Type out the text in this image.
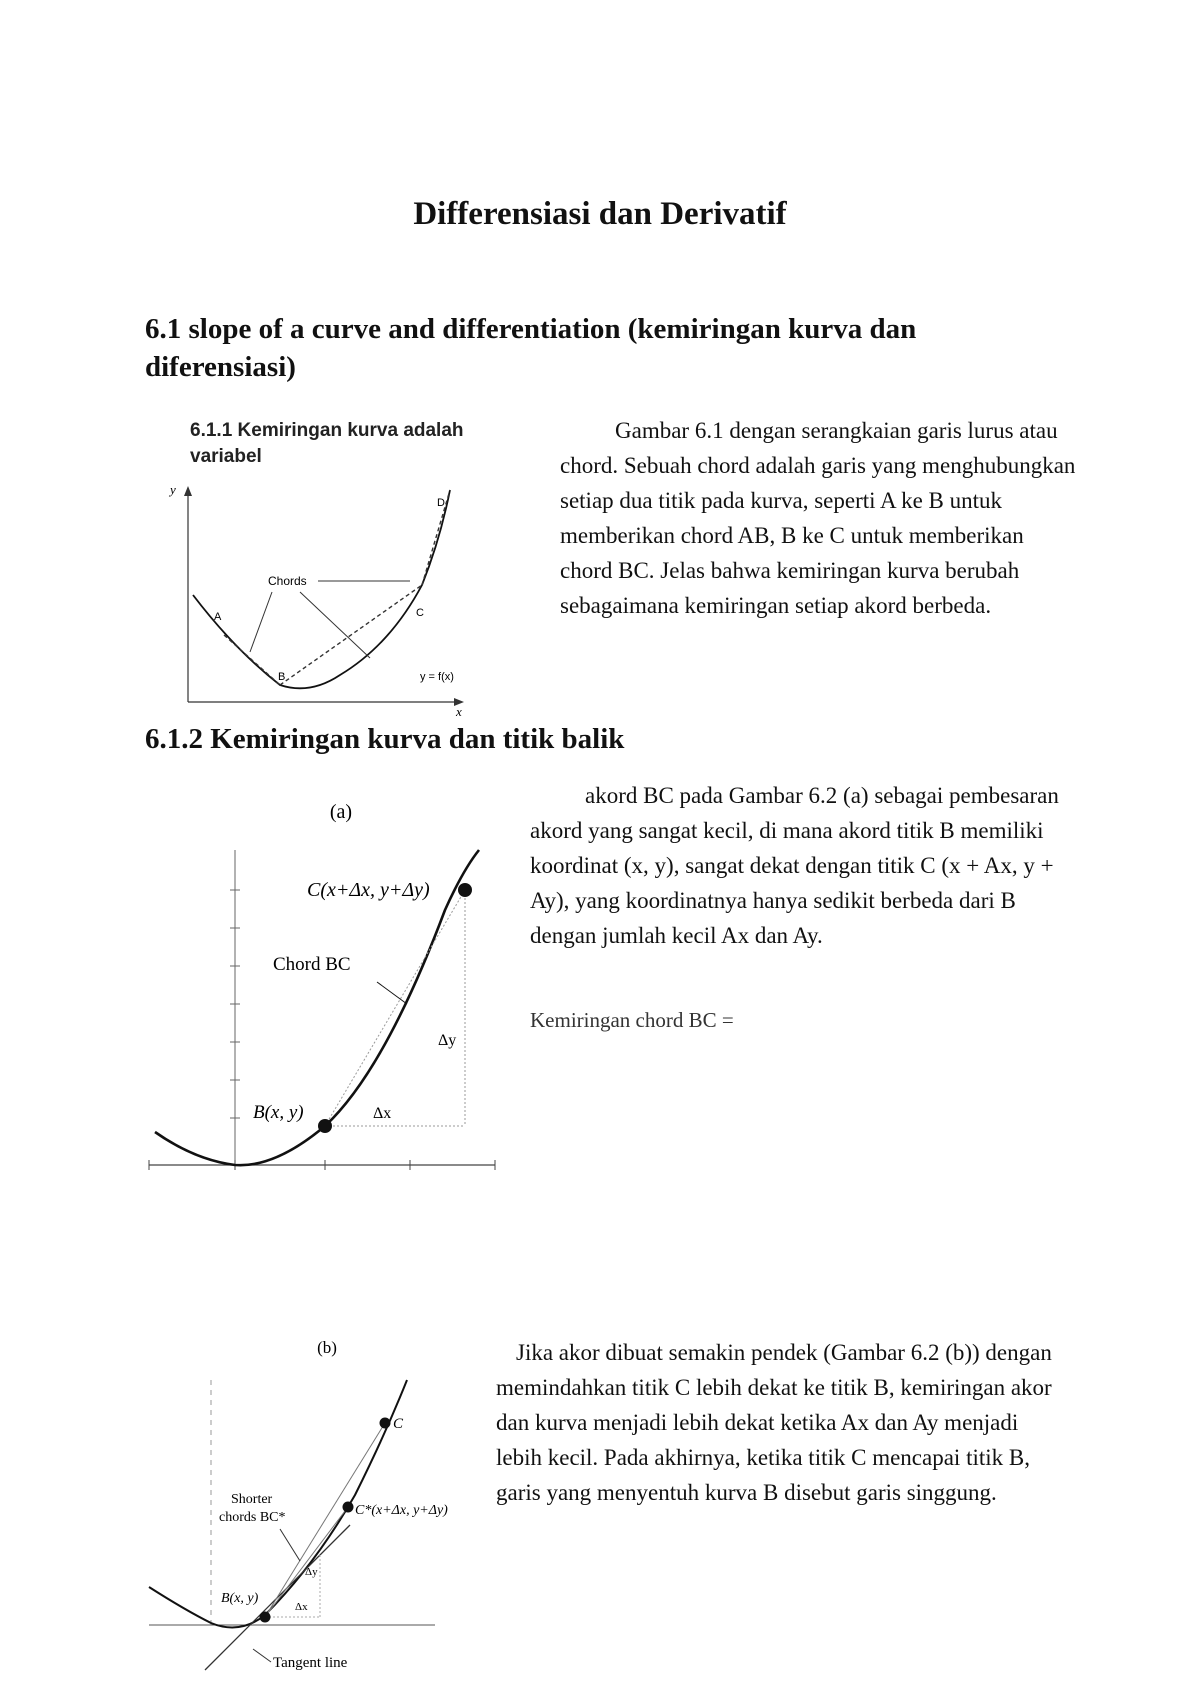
Differensiasi dan Derivatif
6.1 slope of a curve and differentiation (kemiringan kurva dan diferensiasi)
6.1.1 Kemiringan kurva adalah variabel
y
x
Chords
A
B
C
D
y = f(x)
Gambar 6.1 dengan serangkaian garis lurus atau chord. Sebuah chord adalah garis yang menghubungkan setiap dua titik pada kurva, seperti A ke B untuk memberikan chord AB, B ke C untuk memberikan chord BC. Jelas bahwa kemiringan kurva berubah sebagaimana kemiringan setiap akord berbeda.
6.1.2 Kemiringan kurva dan titik balik
(a)
C(x+Δx, y+Δy)
Chord BC
Δy
Δx
B(x, y)
akord BC pada Gambar 6.2 (a) sebagai pembesaran akord yang sangat kecil, di mana akord titik B memiliki koordinat (x, y), sangat dekat dengan titik C (x + Ax, y + Ay), yang koordinatnya hanya sedikit berbeda dari B dengan jumlah kecil Ax dan Ay.
Kemiringan chord BC =
(b)
C
Shorter
chords BC*	C*(x+Δx, y+Δy)
Δy
Δx
B(x, y)
Tangent line
Jika akor dibuat semakin pendek (Gambar 6.2 (b)) dengan memindahkan titik C lebih dekat ke titik B, kemiringan akor dan kurva menjadi lebih dekat ketika Ax dan Ay menjadi lebih kecil. Pada akhirnya, ketika titik C mencapai titik B, garis yang menyentuh kurva B disebut garis singgung.
